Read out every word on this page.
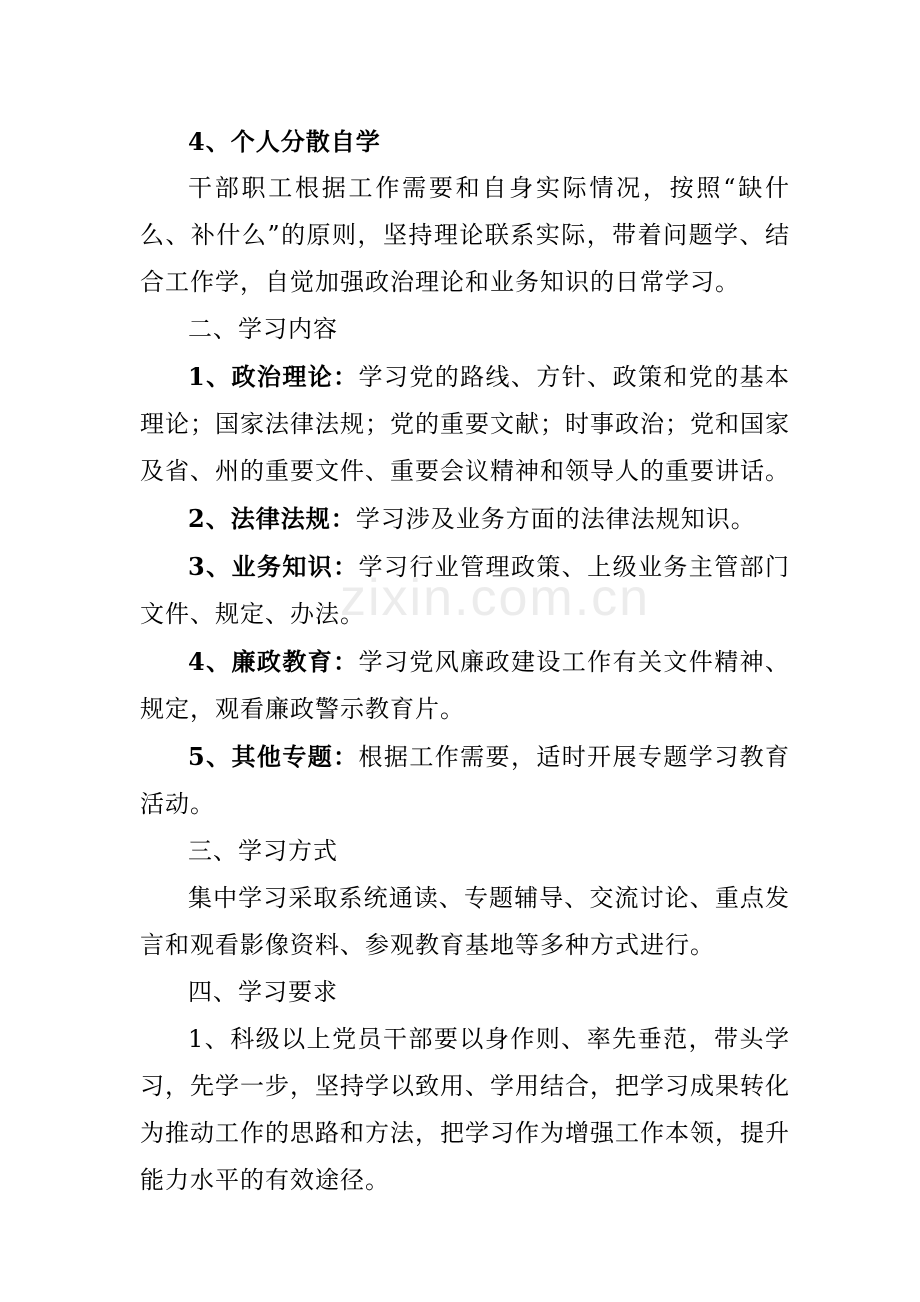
4、个人分散自学

干部职工根据工作需要和自身实际情况，按照“缺什么、补什么”的原则，坚持理论联系实际，带着问题学、结合工作学，自觉加强政治理论和业务知识的日常学习。

二、学习内容

1、政治理论：学习党的路线、方针、政策和党的基本理论；国家法律法规；党的重要文献；时事政治；党和国家及省、州的重要文件、重要会议精神和领导人的重要讲话。

2、法律法规：学习涉及业务方面的法律法规知识。

3、业务知识：学习行业管理政策、上级业务主管部门文件、规定、办法。

4、廉政教育：学习党风廉政建设工作有关文件精神、规定，观看廉政警示教育片。

5、其他专题：根据工作需要，适时开展专题学习教育活动。

三、学习方式

集中学习采取系统通读、专题辅导、交流讨论、重点发言和观看影像资料、参观教育基地等多种方式进行。

四、学习要求

1、科级以上党员干部要以身作则、率先垂范，带头学习，先学一步，坚持学以致用、学用结合，把学习成果转化为推动工作的思路和方法，把学习作为增强工作本领，提升能力水平的有效途径。

zixin.com.cn
